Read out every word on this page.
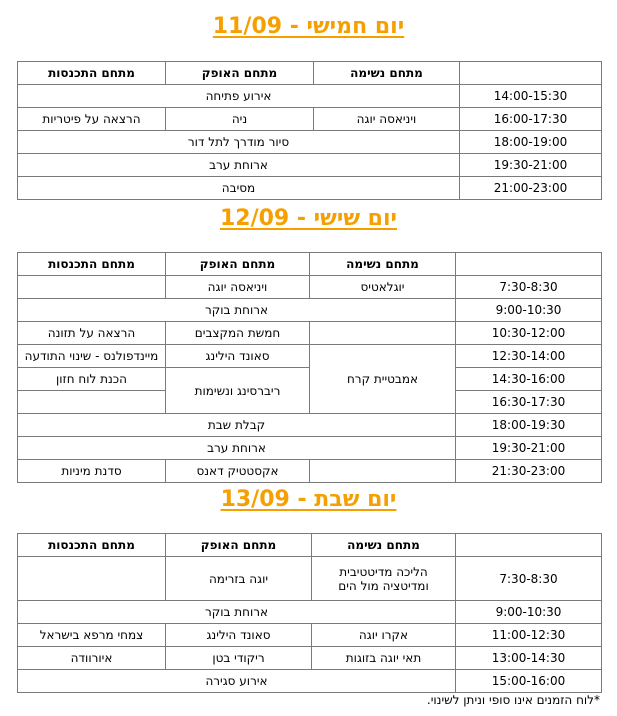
יום חמישי - 11/09
	מתחם נשימה	מתחם האופק	מתחם התכנסות
14:00-15:30	אירוע פתיחה		
16:00-17:30	ויניאסה יוגה	ניה	הרצאה על פיטריות
18:00-19:00	סיור מודרך לתל דור		
19:30-21:00	ארוחת ערב		
21:00-23:00	מסיבה		
יום שישי - 12/09
	מתחם נשימה	מתחם האופק	מתחם התכנסות
7:30-8:30	יוגלאטיס	ויניאסה יוגה	
9:00-10:30	ארוחת בוקר		
10:30-12:00		חמשת המקצבים	הרצאה על תזונה
12:30-14:00	אמבטיית קרח	סאונד הילינג	מיינדפולנס - שינוי התודעה
14:30-16:00		ריברסינג ונשימות	הכנת לוח חזון
16:30-17:30			
18:00-19:30	קבלת שבת		
19:30-21:00	ארוחת ערב		
21:30-23:00		אקסטטיק דאנס	סדנת מיניות
יום שבת - 13/09
	מתחם נשימה	מתחם האופק	מתחם התכנסות
7:30-8:30	הליכה מדיטטיבית ומדיטציה מול הים	יוגה בזרימה	
9:00-10:30	ארוחת בוקר		
11:00-12:30	אקרו יוגה	סאונד הילינג	צמחי מרפא בישראל
13:00-14:30	תאי יוגה בזוגות	ריקודי בטן	איורוודה
15:00-16:00	אירוע סגירה		
*לוח הזמנים אינו סופי וניתן לשינוי.
